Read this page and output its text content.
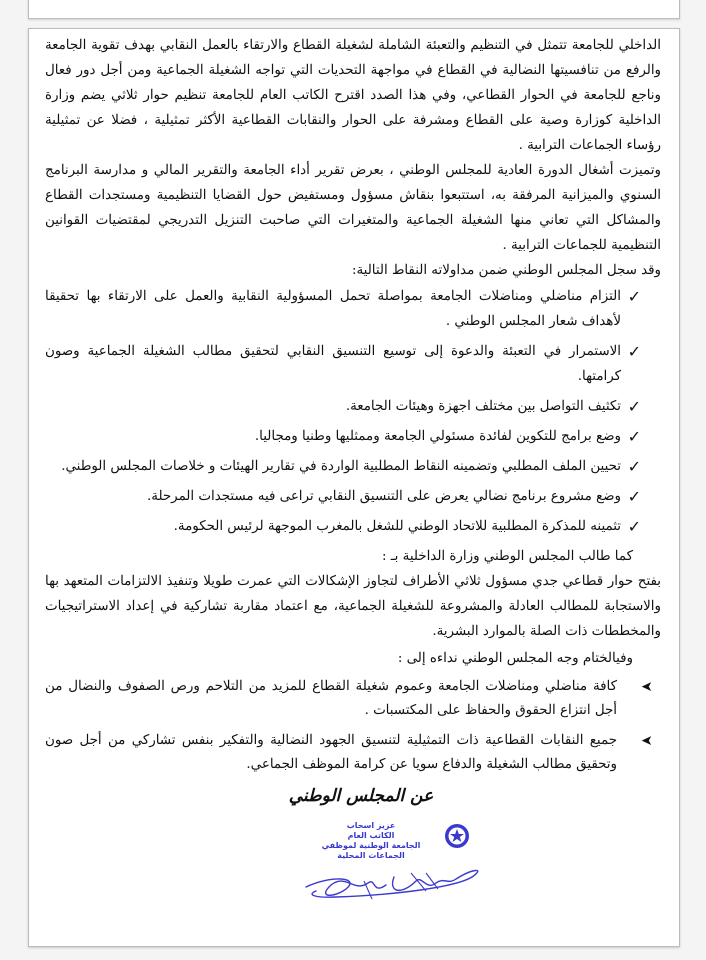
الداخلي للجامعة تتمثل في التنظيم والتعبئة الشاملة لشغيلة القطاع والارتقاء بالعمل النقابي بهدف تقوية الجامعة والرفع من تنافسيتها النضالية في القطاع في مواجهة التحديات التي تواجه الشغيلة الجماعية ومن أجل دور فعال وناجع للجامعة في الحوار القطاعي، وفي هذا الصدد اقترح الكاتب العام للجامعة تنظيم حوار ثلاثي يضم وزارة الداخلية كوزارة وصية على القطاع ومشرفة على الحوار والنقابات القطاعية الأكثر تمثيلية ، فضلا عن تمثيلية رؤساء الجماعات الترابية .

وتميزت أشغال الدورة العادية للمجلس الوطني ، بعرض تقرير أداء الجامعة والتقرير المالي و مدارسة البرنامج السنوي والميزانية المرفقة به، استتبعوا بنقاش مسؤول ومستفيض حول القضايا التنظيمية ومستجدات القطاع والمشاكل التي تعاني منها الشغيلة الجماعية والمتغيرات التي صاحبت التنزيل التدريجي لمقتضيات القوانين التنظيمية للجماعات الترابية .

وقد سجل المجلس الوطني ضمن مداولاته النقاط التالية:

✓
التزام مناضلي ومناضلات الجامعة بمواصلة تحمل المسؤولية النقابية والعمل على الارتقاء بها تحقيقا لأهداف شعار المجلس الوطني .
✓
الاستمرار في التعبئة والدعوة إلى توسيع التنسيق النقابي لتحقيق مطالب الشغيلة الجماعية وصون كرامتها.
✓
تكثيف التواصل بين مختلف اجهزة وهيئات الجامعة.
✓
وضع برامج للتكوين لفائدة مسئولي الجامعة وممثليها وطنيا ومجاليا.
✓
تحيين الملف المطلبي وتضمينه النقاط المطلبية الواردة في تقارير الهيئات و خلاصات المجلس الوطني.
✓
وضع مشروع برنامج نضالي يعرض على التنسيق النقابي تراعى فيه مستجدات المرحلة.
✓
تثمينه للمذكرة المطلبية للاتحاد الوطني للشغل بالمغرب الموجهة لرئيس الحكومة.

كما طالب المجلس الوطني وزارة الداخلية بـ :

بفتح حوار قطاعي جدي مسؤول ثلاثي الأطراف لتجاوز الإشكالات التي عمرت طويلا وتنفيذ الالتزامات المتعهد بها والاستجابة للمطالب العادلة والمشروعة للشغيلة الجماعية، مع اعتماد مقاربة تشاركية في إعداد الاستراتيجيات والمخططات ذات الصلة بالموارد البشرية.

وفيالختام وجه المجلس الوطني نداءه إلى :

➤
كافة مناضلي ومناضلات الجامعة وعموم شغيلة القطاع للمزيد من التلاحم ورص الصفوف والنضال من أجل انتزاع الحقوق والحفاظ على المكتسبات .
➤
جميع النقابات القطاعية ذات التمثيلية لتنسيق الجهود النضالية والتفكير بنفس تشاركي من أجل صون وتحقيق مطالب الشغيلة والدفاع سويا عن كرامة الموظف الجماعي.
عن المجلس الوطني
عزيز اسحاب
الكاتب العام
الجامعة الوطنية لموظفي
الجماعات المحلية
